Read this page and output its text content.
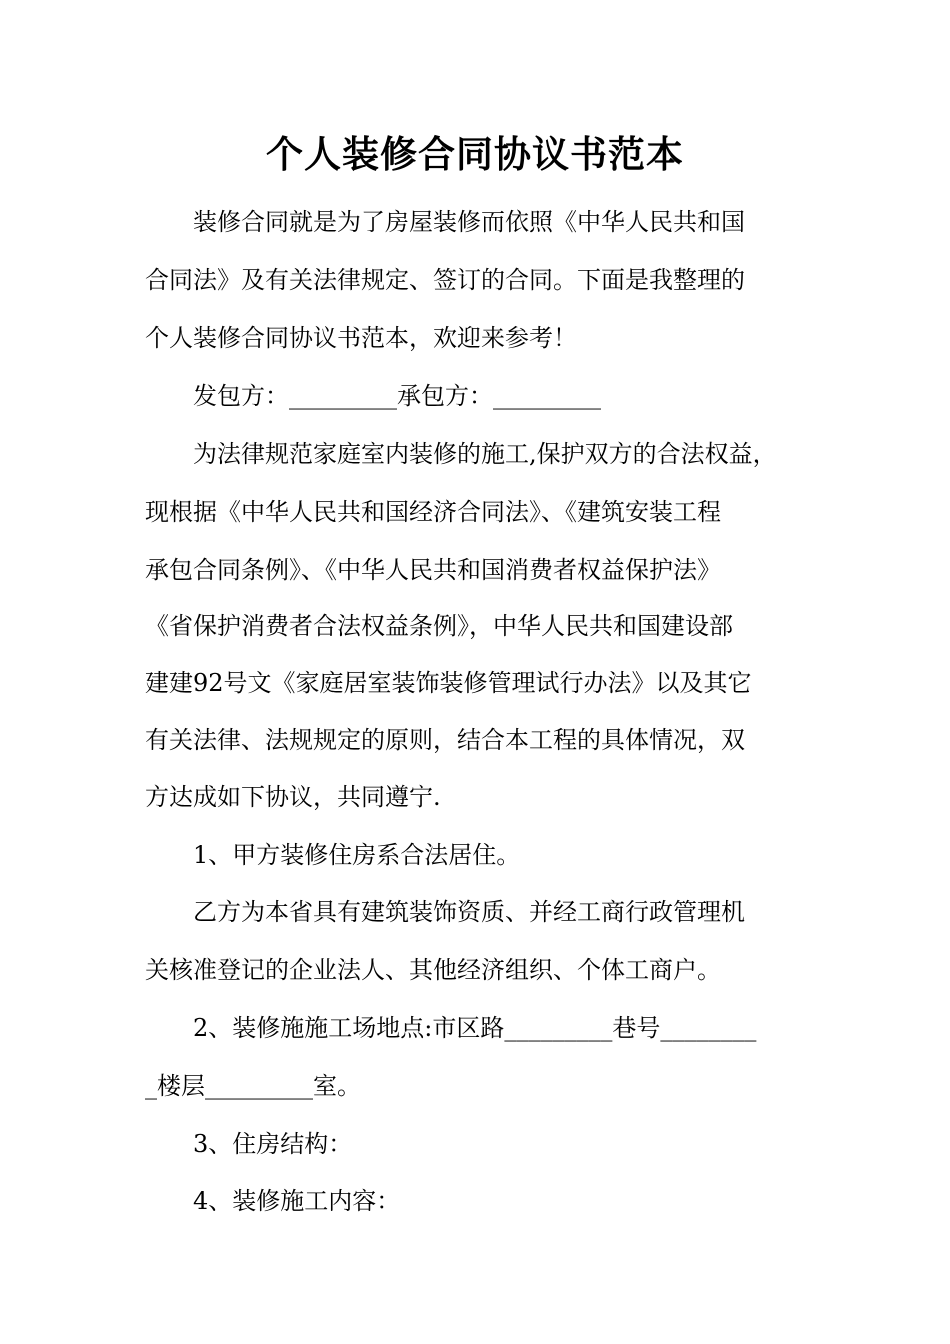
个人装修合同协议书范本
装修合同就是为了房屋装修而依照《中华人民共和国
合同法》及有关法律规定、签订的合同。下面是我整理的
个人装修合同协议书范本，欢迎来参考！
发包方：_________承包方：_________
为法律规范家庭室内装修的施工,保护双方的合法权益，
现根据《中华人民共和国经济合同法》、《建筑安装工程
承包合同条例》、《中华人民共和国消费者权益保护法》
《省保护消费者合法权益条例》，中华人民共和国建设部
建建92号文《家庭居室装饰装修管理试行办法》以及其它
有关法律、法规规定的原则，结合本工程的具体情况，双
方达成如下协议，共同遵宁.
1、甲方装修住房系合法居住。
乙方为本省具有建筑装饰资质、并经工商行政管理机
关核准登记的企业法人、其他经济组织、个体工商户。
2、装修施施工场地点:市区路_________巷号________
_楼层_________室。
3、住房结构：
4、装修施工内容：
